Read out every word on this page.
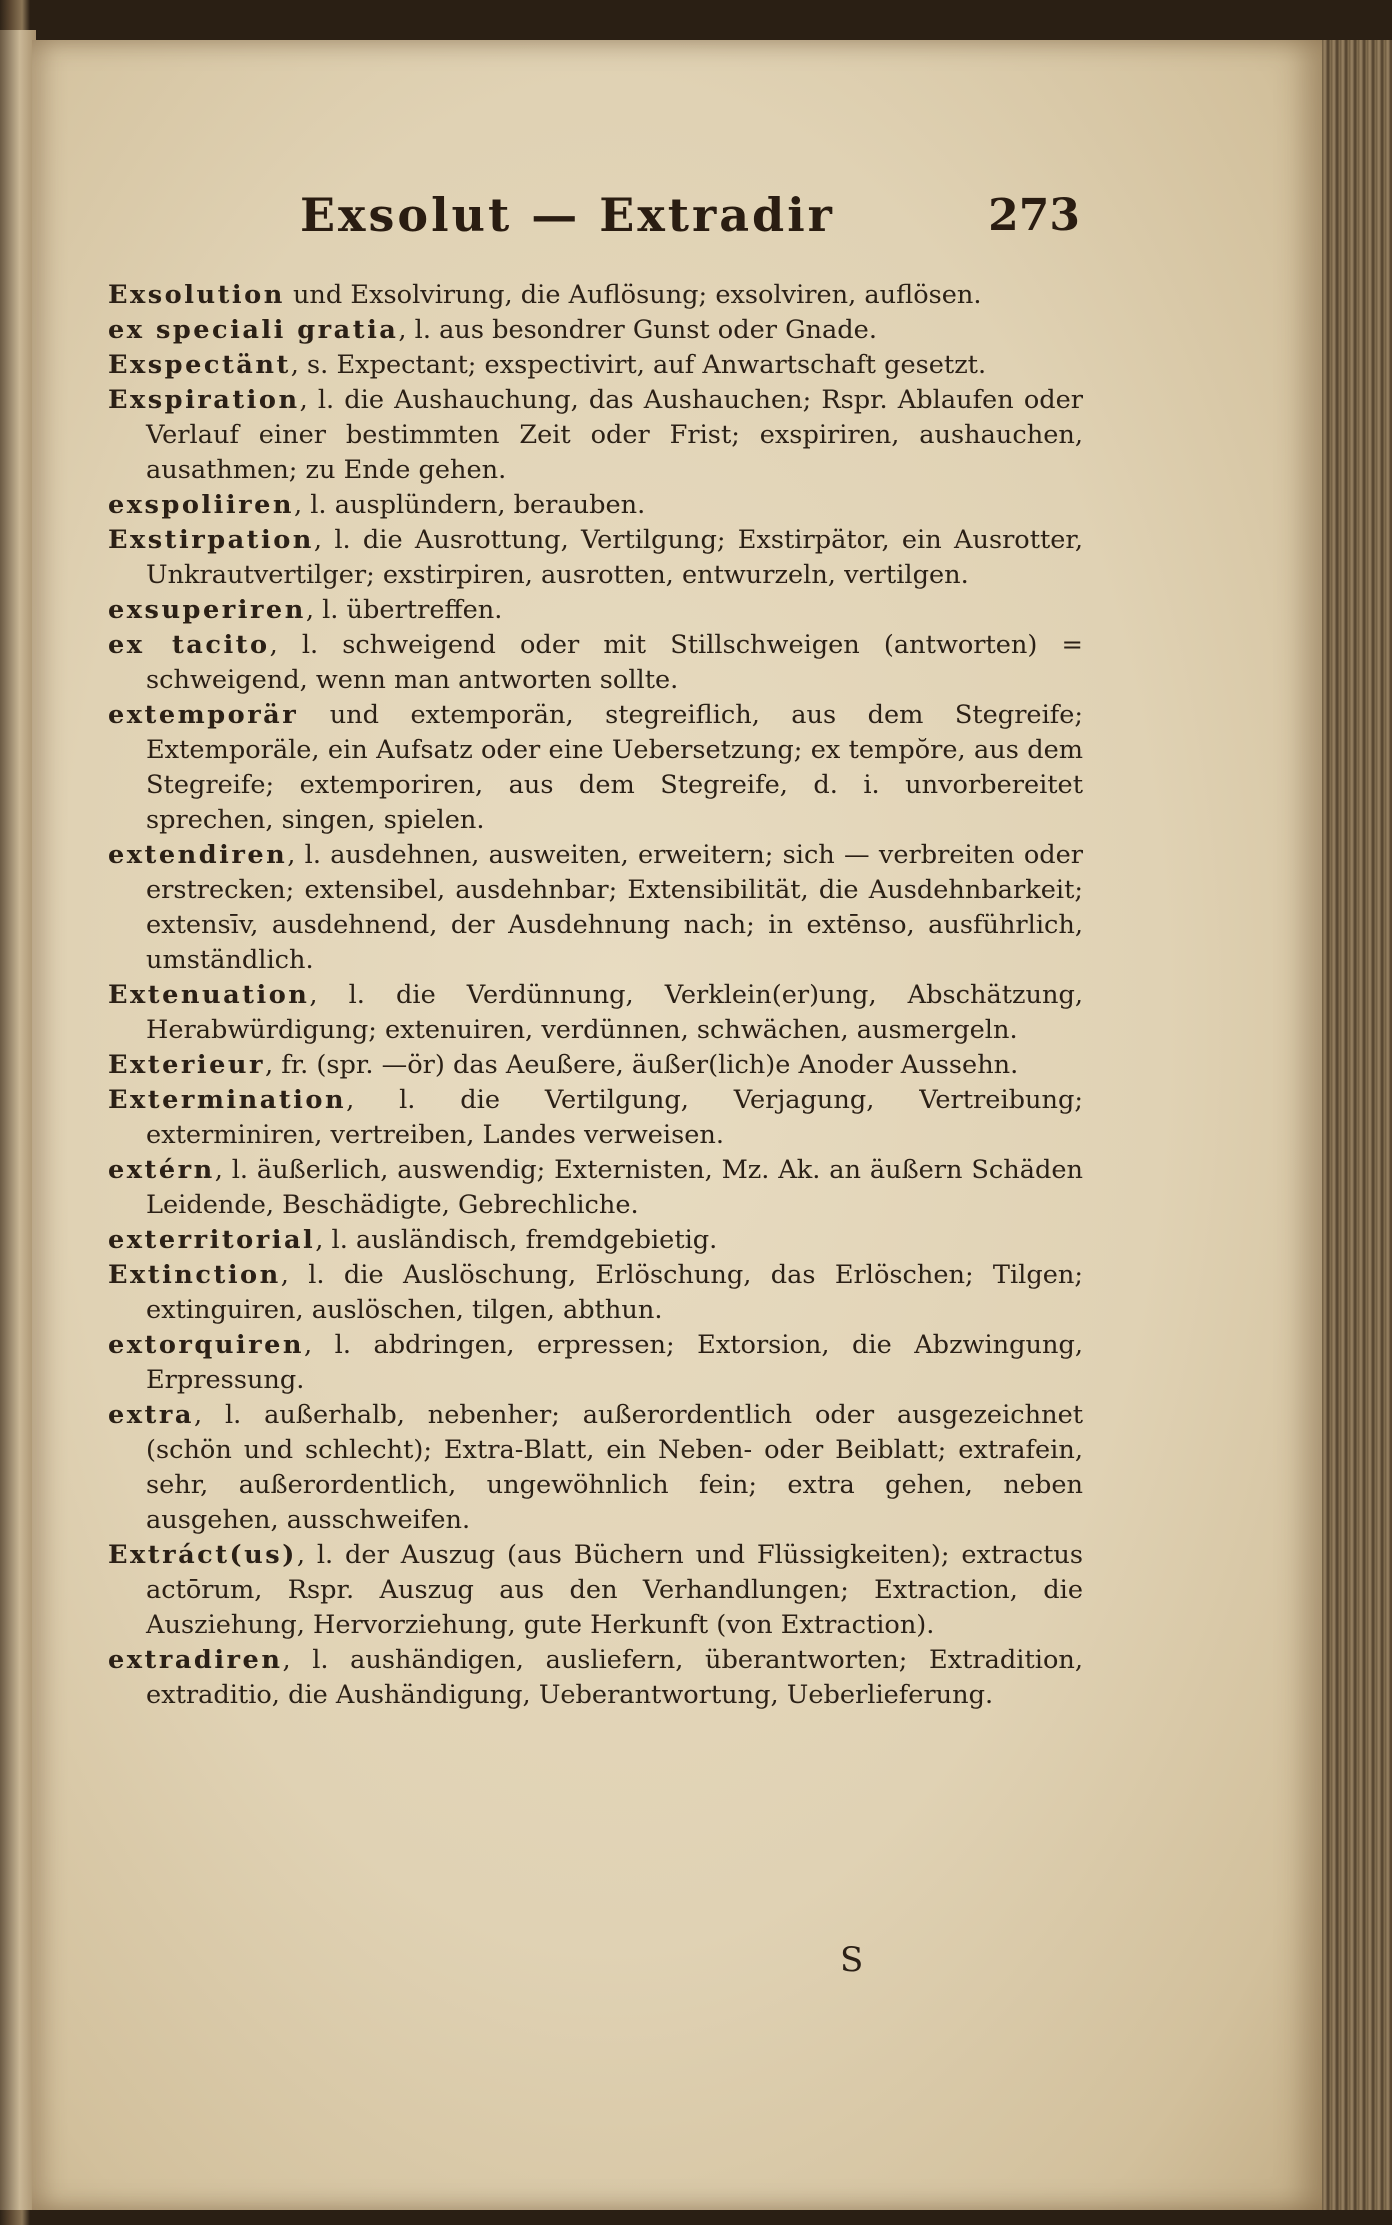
Exsolut — Extradir	273

Exsolution und Exsolvirung, die Auflösung; exsolviren, auflösen.

ex speciali gratia, l. aus besondrer Gunst oder Gnade.

Exspectänt, s. Expectant; exspectivirt, auf Anwartschaft gesetzt.

Exspiration, l. die Aushauchung, das Aushauchen; Rspr. Ablaufen oder Verlauf einer bestimmten Zeit oder Frist; exspiriren, aushauchen, ausathmen; zu Ende gehen.

exspoliiren, l. ausplündern, berauben.

Exstirpation, l. die Ausrottung, Vertilgung; Exstirpätor, ein Ausrotter, Unkrautvertilger; exstirpiren, ausrotten, entwurzeln, vertilgen.

exsuperiren, l. übertreffen.

ex tacito, l. schweigend oder mit Stillschweigen (antworten) = schweigend, wenn man antworten sollte.

extemporär und extemporän, stegreiflich, aus dem Stegreife; Extemporäle, ein Aufsatz oder eine Uebersetzung; ex tempŏre, aus dem Stegreife; extemporiren, aus dem Stegreife, d. i. unvorbereitet sprechen, singen, spielen.

extendiren, l. ausdehnen, ausweiten, erweitern; sich — verbreiten oder erstrecken; extensibel, ausdehnbar; Extensibilität, die Ausdehnbarkeit; extensīv, ausdehnend, der Ausdehnung nach; in extēnso, ausführlich, umständlich.

Extenuation, l. die Verdünnung, Verklein(er)ung, Abschätzung, Herabwürdigung; extenuiren, verdünnen, schwächen, ausmergeln.

Exterieur, fr. (spr. —ör) das Aeußere, äußer(lich)e Anoder Aussehn.

Extermination, l. die Vertilgung, Verjagung, Vertreibung; exterminiren, vertreiben, Landes verweisen.

extérn, l. äußerlich, auswendig; Externisten, Mz. Ak. an äußern Schäden Leidende, Beschädigte, Gebrechliche.

exterritorial, l. ausländisch, fremdgebietig.

Extinction, l. die Auslöschung, Erlöschung, das Erlöschen; Tilgen; extinguiren, auslöschen, tilgen, abthun.

extorquiren, l. abdringen, erpressen; Extorsion, die Abzwingung, Erpressung.

extra, l. außerhalb, nebenher; außerordentlich oder ausgezeichnet (schön und schlecht); Extra-Blatt, ein Neben- oder Beiblatt; extrafein, sehr, außerordentlich, ungewöhnlich fein; extra gehen, neben ausgehen, ausschweifen.

Extráct(us), l. der Auszug (aus Büchern und Flüssigkeiten); extractus actōrum, Rspr. Auszug aus den Verhandlungen; Extraction, die Ausziehung, Hervorziehung, gute Herkunft (von Extraction).

extradiren, l. aushändigen, ausliefern, überantworten; Extradition, extraditio, die Aushändigung, Ueberantwortung, Ueberlieferung.

S
